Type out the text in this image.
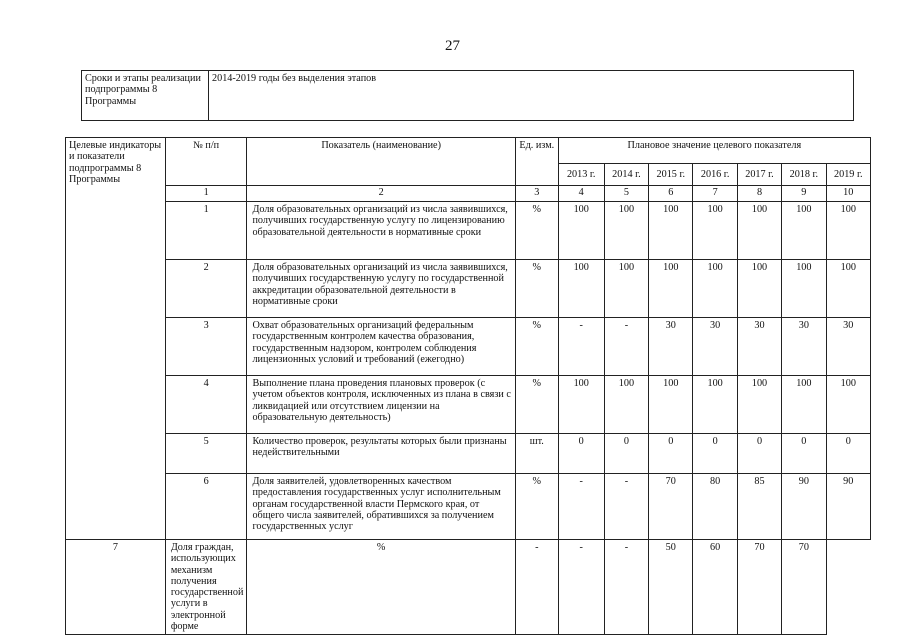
27
Сроки и этапы реализации подпрограммы 8 Программы	2014-2019 годы без выделения этапов
Целевые индикаторы и показатели подпрограммы 8 Программы	№ п/п	Показатель (наименование)	Ед. изм.	Плановое значение целевого показателя						
				2013 г.	2014 г.	2015 г.	2016 г.	2017 г.	2018 г.	2019 г.
	1	2	3	4	5	6	7	8	9	10
	1	Доля образовательных организаций из числа заявившихся, получивших государственную услугу по лицензированию образовательной деятельности в нормативные сроки	%	100	100	100	100	100	100	100
	2	Доля образовательных организаций из числа заявившихся, получивших государственную услугу по государственной аккредитации образовательной деятельности в нормативные сроки	%	100	100	100	100	100	100	100
	3	Охват образовательных организаций федеральным государственным контролем качества образования, государственным надзором, контролем соблюдения лицензионных условий и требований (ежегодно)	%	-	-	30	30	30	30	30
	4	Выполнение плана проведения плановых проверок (с учетом объектов контроля, исключенных из плана в связи с ликвидацией или отсутствием лицензии на образовательную деятельность)	%	100	100	100	100	100	100	100
	5	Количество проверок, результаты которых были признаны недействительными	шт.	0	0	0	0	0	0	0
	6	Доля заявителей, удовлетворенных качеством предоставления государственных услуг исполнительным органам государственной власти Пермского края, от общего числа заявителей, обратившихся за получением государственных услуг	%	-	-	70	80	85	90	90
7	Доля граждан, использующих механизм получения государственной услуги в электронной форме	%	-	-	-	50	60	70	70	
